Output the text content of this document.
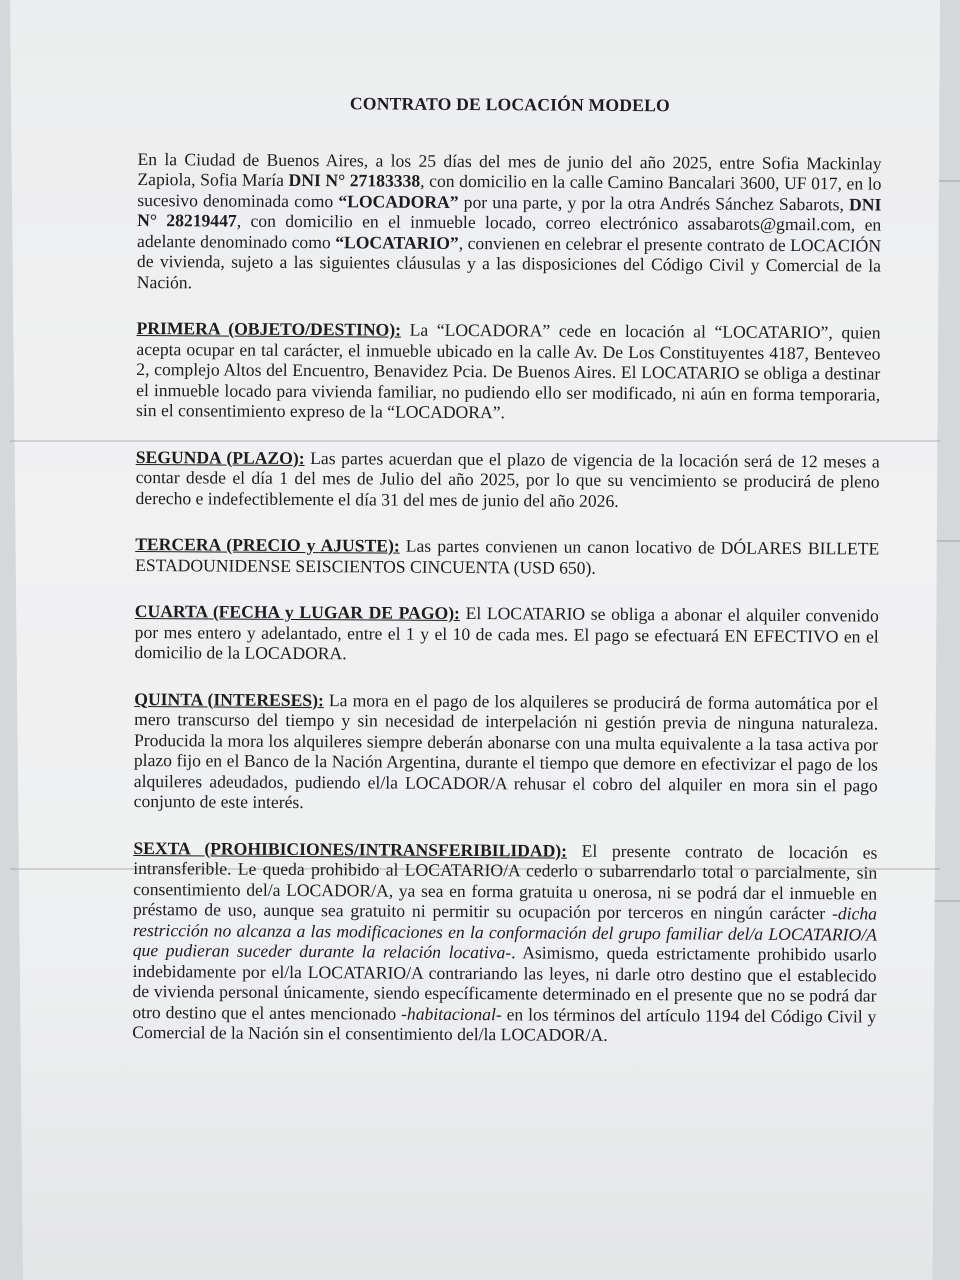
CONTRATO DE LOCACIÓN MODELO

En la Ciudad de Buenos Aires, a los 25 días del mes de junio del año 2025, entre Sofia Mackinlay Zapiola, Sofia María DNI N° 27183338, con domicilio en la calle Camino Bancalari 3600, UF 017, en lo sucesivo denominada como “LOCADORA” por una parte, y por la otra Andrés Sánchez Sabarots, DNI N° 28219447, con domicilio en el inmueble locado, correo electrónico assabarots@gmail.com, en adelante denominado como “LOCATARIO”, convienen en celebrar el presente contrato de LOCACIÓN de vivienda, sujeto a las siguientes cláusulas y a las disposiciones del Código Civil y Comercial de la Nación.

PRIMERA (OBJETO/DESTINO): La “LOCADORA” cede en locación al “LOCATARIO”, quien acepta ocupar en tal carácter, el inmueble ubicado en la calle Av. De Los Constituyentes 4187, Benteveo 2, complejo Altos del Encuentro, Benavidez Pcia. De Buenos Aires. El LOCATARIO se obliga a destinar el inmueble locado para vivienda familiar, no pudiendo ello ser modificado, ni aún en forma temporaria, sin el consentimiento expreso de la “LOCADORA”.

SEGUNDA (PLAZO): Las partes acuerdan que el plazo de vigencia de la locación será de 12 meses a contar desde el día 1 del mes de Julio del año 2025, por lo que su vencimiento se producirá de pleno derecho e indefectiblemente el día 31 del mes de junio del año 2026.

TERCERA (PRECIO y AJUSTE): Las partes convienen un canon locativo de DÓLARES BILLETE ESTADOUNIDENSE SEISCIENTOS CINCUENTA (USD 650).

CUARTA (FECHA y LUGAR DE PAGO): El LOCATARIO se obliga a abonar el alquiler convenido por mes entero y adelantado, entre el 1 y el 10 de cada mes. El pago se efectuará EN EFECTIVO en el domicilio de la LOCADORA.

QUINTA (INTERESES): La mora en el pago de los alquileres se producirá de forma automática por el mero transcurso del tiempo y sin necesidad de interpelación ni gestión previa de ninguna naturaleza. Producida la mora los alquileres siempre deberán abonarse con una multa equivalente a la tasa activa por plazo fijo en el Banco de la Nación Argentina, durante el tiempo que demore en efectivizar el pago de los alquileres adeudados, pudiendo el/la LOCADOR/A rehusar el cobro del alquiler en mora sin el pago conjunto de este interés.

SEXTA (PROHIBICIONES/INTRANSFERIBILIDAD): El presente contrato de locación es intransferible. Le queda prohibido al LOCATARIO/A cederlo o subarrendarlo total o parcialmente, sin consentimiento del/a LOCADOR/A, ya sea en forma gratuita u onerosa, ni se podrá dar el inmueble en préstamo de uso, aunque sea gratuito ni permitir su ocupación por terceros en ningún carácter -dicha restricción no alcanza a las modificaciones en la conformación del grupo familiar del/a LOCATARIO/A que pudieran suceder durante la relación locativa-. Asimismo, queda estrictamente prohibido usarlo indebidamente por el/la LOCATARIO/A contrariando las leyes, ni darle otro destino que el establecido de vivienda personal únicamente, siendo específicamente determinado en el presente que no se podrá dar otro destino que el antes mencionado -habitacional- en los términos del artículo 1194 del Código Civil y Comercial de la Nación sin el consentimiento del/la LOCADOR/A.
